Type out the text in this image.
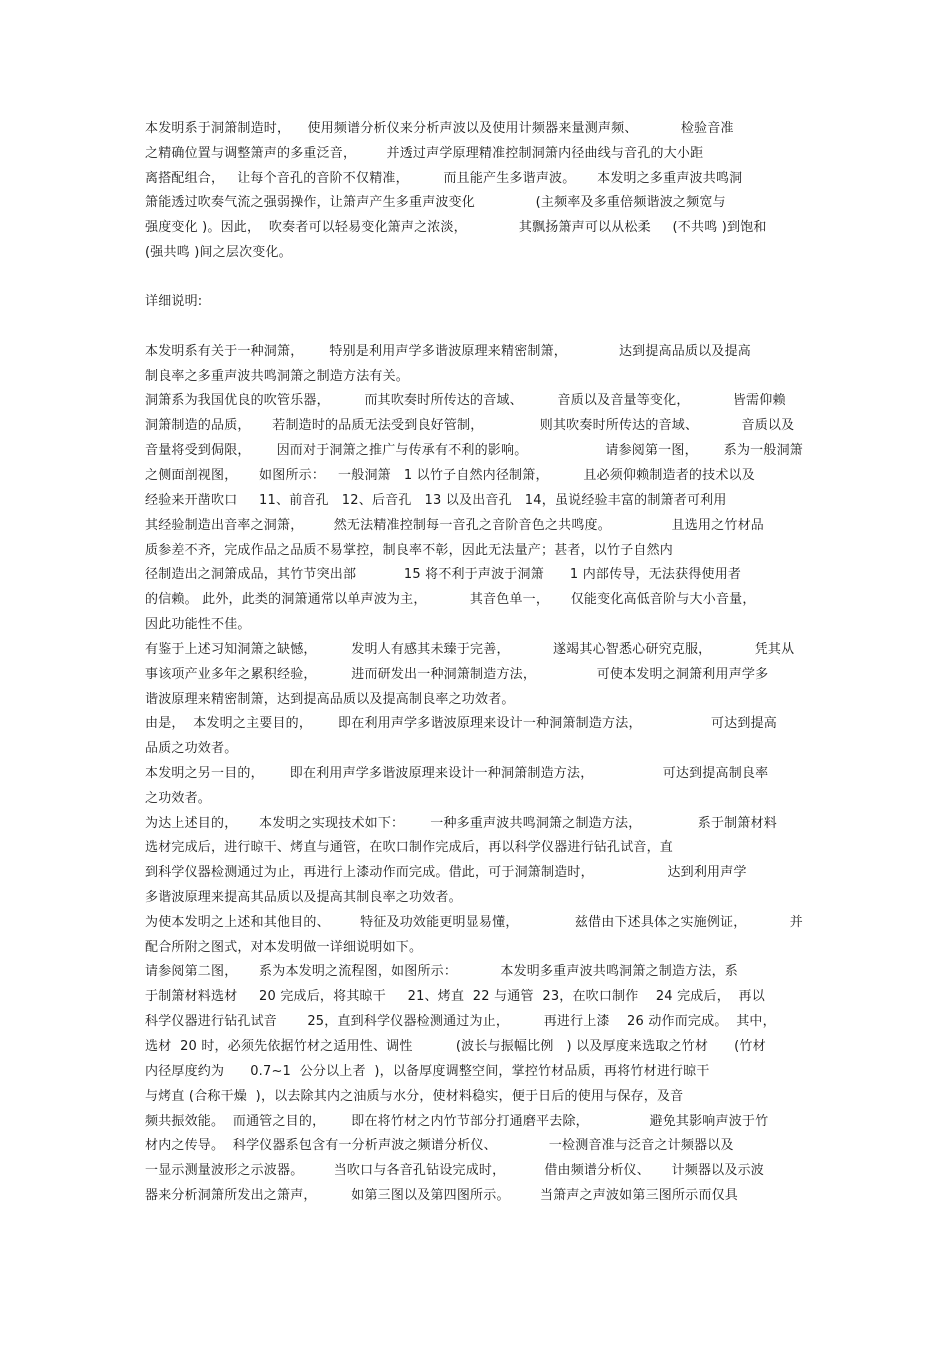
本发明系于洞箫制造时，    使用频谱分析仪来分析声波以及使用计频器来量测声频、          检验音准
之精确位置与调整箫声的多重泛音，       并透过声学原理精准控制洞箫内径曲线与音孔的大小距
离搭配组合，   让每个音孔的音阶不仅精准，        而且能产生多谐声波。     本发明之多重声波共鸣洞
箫能透过吹奏气流之强弱操作，让箫声产生多重声波变化              (主频率及多重倍频谐波之频宽与
强度变化 )。因此，  吹奏者可以轻易变化箫声之浓淡，            其飘扬箫声可以从松柔     (不共鸣 )到饱和
(强共鸣 )间之层次变化。
详细说明:
本发明系有关于一种洞箫，      特别是利用声学多谐波原理来精密制箫，            达到提高品质以及提高
制良率之多重声波共鸣洞箫之制造方法有关。
洞箫系为我国优良的吹管乐器，        而其吹奏时所传达的音域、        音质以及音量等变化，          皆需仰赖
洞箫制造的品质，     若制造时的品质无法受到良好管制，             则其吹奏时所传达的音域、          音质以及
音量将受到侷限，      因而对于洞箫之推广与传承有不利的影响。                  请参阅第一图，      系为一般洞箫
之侧面剖视图，     如图所示：   一般洞箫   1 以竹子自然内径制箫，        且必须仰赖制造者的技术以及
经验来开凿吹口     11、前音孔   12、后音孔   13 以及出音孔   14，虽说经验丰富的制箫者可利用
其经验制造出音率之洞箫，       然无法精准控制每一音孔之音阶音色之共鸣度。              且选用之竹材品
质参差不齐，完成作品之品质不易掌控，制良率不彰，因此无法量产；甚者，以竹子自然内
径制造出之洞箫成品，其竹节突出部           15 将不利于声波于洞箫      1 内部传导，无法获得使用者
的信赖。 此外，此类的洞箫通常以单声波为主，          其音色单一，     仅能变化高低音阶与大小音量，
因此功能性不佳。
有鉴于上述习知洞箫之缺憾，        发明人有感其未臻于完善，          遂竭其心智悉心研究克服，          凭其从
事该项产业多年之累积经验，        进而研发出一种洞箫制造方法，              可使本发明之洞箫利用声学多
谐波原理来精密制箫，达到提高品质以及提高制良率之功效者。
由是，  本发明之主要目的，      即在利用声学多谐波原理来设计一种洞箫制造方法，                可达到提高
品质之功效者。
本发明之另一目的，      即在利用声学多谐波原理来设计一种洞箫制造方法，                可达到提高制良率
之功效者。
为达上述目的，     本发明之实现技术如下：      一种多重声波共鸣洞箫之制造方法，             系于制箫材料
选材完成后，进行晾干、烤直与通管，在吹口制作完成后，再以科学仪器进行钻孔试音，直
到科学仪器检测通过为止，再进行上漆动作而完成。借此，可于洞箫制造时，                 达到利用声学
多谐波原理来提高其品质以及提高其制良率之功效者。
为使本发明之上述和其他目的、       特征及功效能更明显易懂，             兹借由下述具体之实施例证，          并
配合所附之图式，对本发明做一详细说明如下。
请参阅第二图，     系为本发明之流程图，如图所示：          本发明多重声波共鸣洞箫之制造方法，系
于制箫材料选材     20 完成后，将其晾干     21、烤直  22 与通管  23，在吹口制作    24 完成后，  再以
科学仪器进行钻孔试音       25，直到科学仪器检测通过为止，        再进行上漆    26 动作而完成。  其中，
选材  20 时，必须先依据竹材之适用性、调性          (波长与振幅比例   ) 以及厚度来选取之竹材      (竹材
内径厚度约为      0.7~1  公分以上者  )，以备厚度调整空间，掌控竹材品质，再将竹材进行晾干
与烤直 (合称干燥  )，以去除其内之油质与水分，使材料稳实，便于日后的使用与保存，及音
频共振效能。  而通管之目的，      即在将竹材之内竹节部分打通磨平去除，              避免其影响声波于竹
材内之传导。  科学仪器系包含有一分析声波之频谱分析仪、            一检测音准与泛音之计频器以及
一显示测量波形之示波器。       当吹口与各音孔钻设完成时，         借由频谱分析仪、     计频器以及示波
器来分析洞箫所发出之箫声，        如第三图以及第四图所示。       当箫声之声波如第三图所示而仅具
